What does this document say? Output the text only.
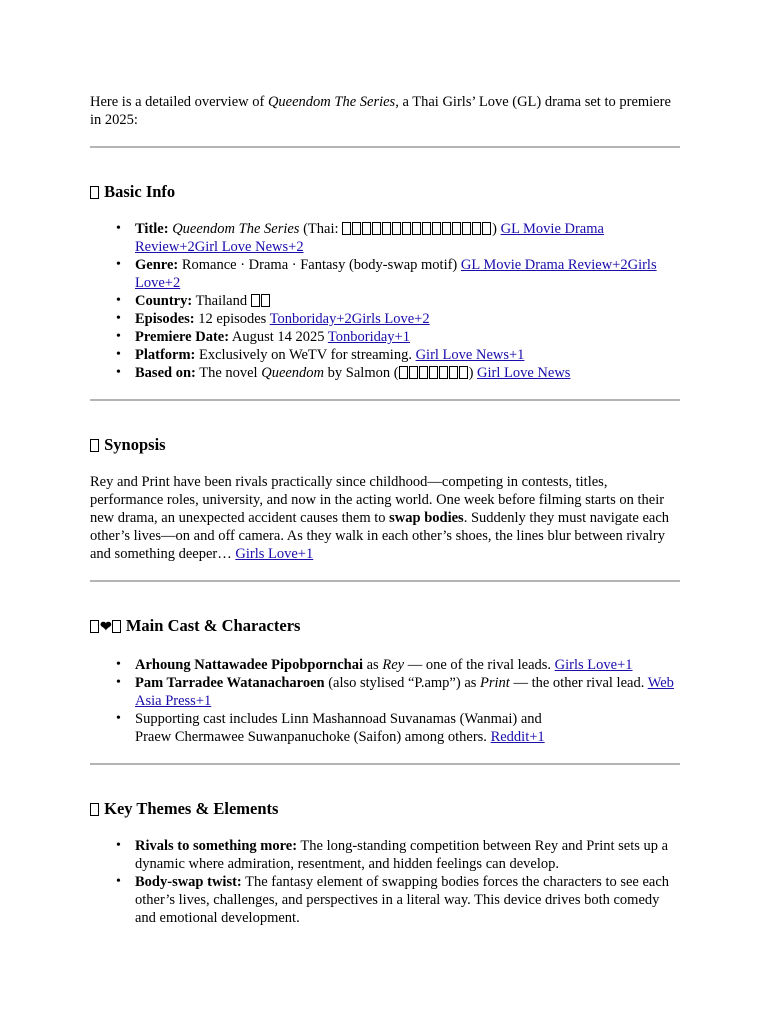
Here is a detailed overview of Queendom The Series, a Thai Girls’ Love (GL) drama set to premiere in 2025:

Basic Info
• Title: Queendom The Series (Thai:	) GL Movie Drama Review+2Girl Love News+2
• Genre: Romance · Drama · Fantasy (body-swap motif) GL Movie Drama Review+2Girls Love+2
• Country: Thailand
• Episodes: 12 episodes Tonboriday+2Girls Love+2
• Premiere Date: August 14 2025 Tonboriday+1
• Platform: Exclusively on WeTV for streaming. Girl Love News+1
• Based on: The novel Queendom by Salmon (	) Girl Love News
Synopsis

Rey and Print have been rivals practically since childhood—competing in contests, titles, performance roles, university, and now in the acting world. One week before filming starts on their new drama, an unexpected accident causes them to swap bodies. Suddenly they must navigate each other’s lives—on and off camera. As they walk in each other’s shoes, the lines blur between rivalry and something deeper… Girls Love+1

❤ Main Cast & Characters
• Arhoung Nattawadee Pipobpornchai as Rey — one of the rival leads. Girls Love+1
• Pam Tarradee Watanacharoen (also stylised “P.amp”) as Print — the other rival lead. Web Asia Press+1
• Supporting cast includes Linn Mashannoad Suvanamas (Wanmai) and
Praew Chermawee Suwanpanuchoke (Saifon) among others. Reddit+1
Key Themes & Elements
• Rivals to something more: The long-standing competition between Rey and Print sets up a dynamic where admiration, resentment, and hidden feelings can develop.
• Body-swap twist: The fantasy element of swapping bodies forces the characters to see each other’s lives, challenges, and perspectives in a literal way. This device drives both comedy and emotional development.
